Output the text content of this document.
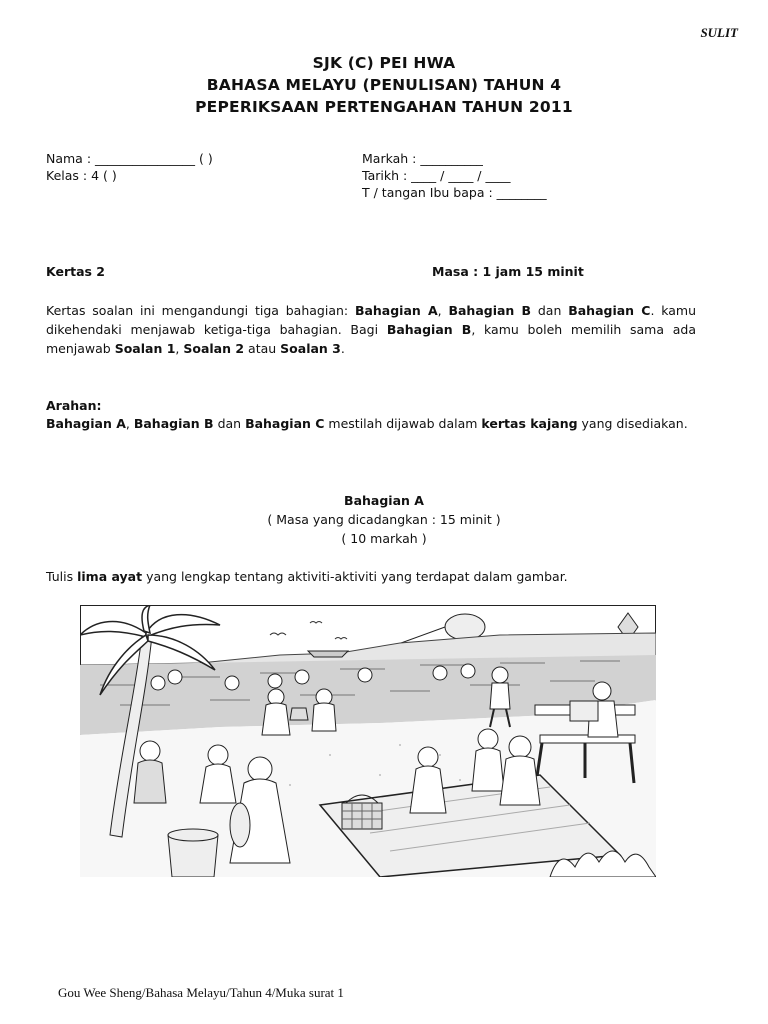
SULIT
SJK (C) PEI HWA
BAHASA MELAYU (PENULISAN) TAHUN 4
PEPERIKSAAN PERTENGAHAN TAHUN 2011
Nama : ________________ ( )
Kelas : 4 ( )
Markah : __________
Tarikh : ____ / ____ / ____
T / tangan Ibu bapa : ________
Kertas 2	Masa : 1 jam 15 minit
Kertas soalan ini mengandungi tiga bahagian: Bahagian A, Bahagian B dan Bahagian C. kamu dikehendaki menjawab ketiga-tiga bahagian. Bagi Bahagian B, kamu boleh memilih sama ada menjawab Soalan 1, Soalan 2 atau Soalan 3.
Arahan:
Bahagian A, Bahagian B dan Bahagian C mestilah dijawab dalam kertas kajang yang disediakan.
Bahagian A
( Masa yang dicadangkan : 15 minit )
( 10 markah )
Tulis lima ayat yang lengkap tentang aktiviti-aktiviti yang terdapat dalam gambar.
Gou Wee Sheng/Bahasa Melayu/Tahun 4/Muka surat 1
